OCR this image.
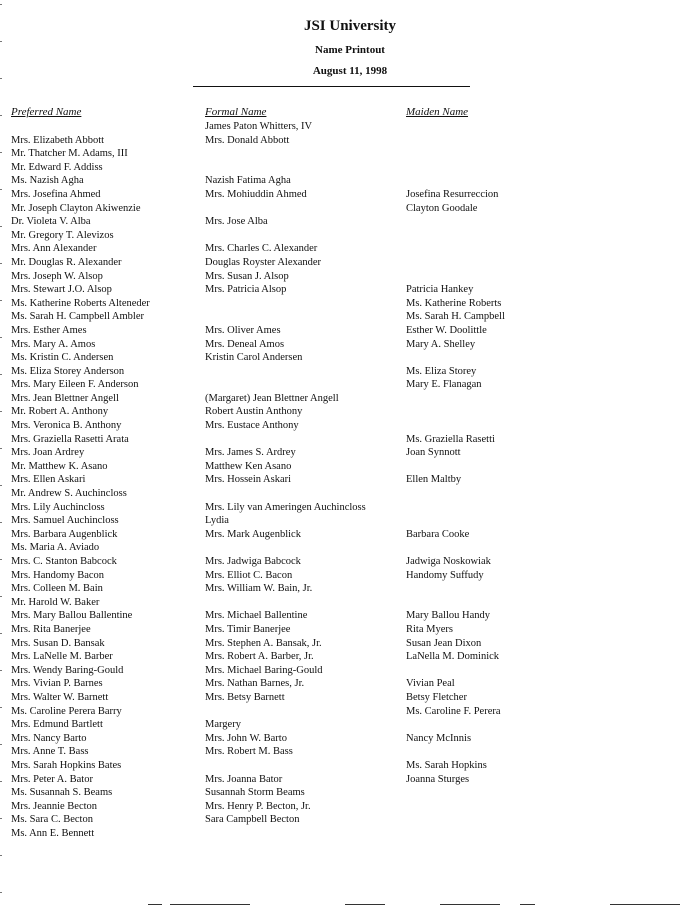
JSI University
Name Printout
August 11, 1998
Preferred Name	Formal Name	Maiden Name
Mrs. Elizabeth Abbott
Mr. Thatcher M. Adams, III
Mr. Edward F. Addiss
Ms. Nazish Agha
Mrs. Josefina Ahmed
Mr. Joseph Clayton Akiwenzie
Dr. Violeta V. Alba
Mr. Gregory T. Alevizos
Mrs. Ann Alexander
Mr. Douglas R. Alexander
Mrs. Joseph W. Alsop
Mrs. Stewart J.O. Alsop
Ms. Katherine Roberts Alteneder
Ms. Sarah H. Campbell Ambler
Mrs. Esther Ames
Mrs. Mary A. Amos
Ms. Kristin C. Andersen
Ms. Eliza Storey Anderson
Mrs. Mary Eileen F. Anderson
Mrs. Jean Blettner Angell
Mr. Robert A. Anthony
Mrs. Veronica B. Anthony
Mrs. Graziella Rasetti Arata
Mrs. Joan Ardrey
Mr. Matthew K. Asano
Mrs. Ellen Askari
Mr. Andrew S. Auchincloss
Mrs. Lily Auchincloss
Mrs. Samuel Auchincloss
Mrs. Barbara Augenblick
Ms. Maria A. Aviado
Mrs. C. Stanton Babcock
Mrs. Handomy Bacon
Mrs. Colleen M. Bain
Mr. Harold W. Baker
Mrs. Mary Ballou Ballentine
Mrs. Rita Banerjee
Mrs. Susan D. Bansak
Mrs. LaNelle M. Barber
Mrs. Wendy Baring-Gould
Mrs. Vivian P. Barnes
Mrs. Walter W. Barnett
Ms. Caroline Perera Barry
Mrs. Edmund Bartlett
Mrs. Nancy Barto
Mrs. Anne T. Bass
Mrs. Sarah Hopkins Bates
Mrs. Peter A. Bator
Ms. Susannah S. Beams
Mrs. Jeannie Becton
Ms. Sara C. Becton
Ms. Ann E. Bennett
James Paton Whitters, IV
Mrs. Donald Abbott
Nazish Fatima Agha
Mrs. Mohiuddin Ahmed
Mrs. Jose Alba
Mrs. Charles C. Alexander
Douglas Royster Alexander
Mrs. Susan J. Alsop
Mrs. Patricia Alsop
Mrs. Oliver Ames
Mrs. Deneal Amos
Kristin Carol Andersen
(Margaret) Jean Blettner Angell
Robert Austin Anthony
Mrs. Eustace Anthony
Mrs. James S. Ardrey
Matthew Ken Asano
Mrs. Hossein Askari
Mrs. Lily van Ameringen Auchincloss
Lydia
Mrs. Mark Augenblick
Mrs. Jadwiga Babcock
Mrs. Elliot C. Bacon
Mrs. William W. Bain, Jr.
Mrs. Michael Ballentine
Mrs. Timir Banerjee
Mrs. Stephen A. Bansak, Jr.
Mrs. Robert A. Barber, Jr.
Mrs. Michael Baring-Gould
Mrs. Nathan Barnes, Jr.
Mrs. Betsy Barnett
Margery
Mrs. John W. Barto
Mrs. Robert M. Bass
Mrs. Joanna Bator
Susannah Storm Beams
Mrs. Henry P. Becton, Jr.
Sara Campbell Becton
Josefina Resurreccion
Clayton Goodale
Patricia Hankey
Ms. Katherine Roberts
Ms. Sarah H. Campbell
Esther W. Doolittle
Mary A. Shelley
Ms. Eliza Storey
Mary E. Flanagan
Ms. Graziella Rasetti
Joan Synnott
Ellen Maltby
Barbara Cooke
Jadwiga Noskowiak
Handomy Suffudy
Mary Ballou Handy
Rita Myers
Susan Jean Dixon
LaNella M. Dominick
Vivian Peal
Betsy Fletcher
Ms. Caroline F. Perera
Nancy McInnis
Ms. Sarah Hopkins
Joanna Sturges
